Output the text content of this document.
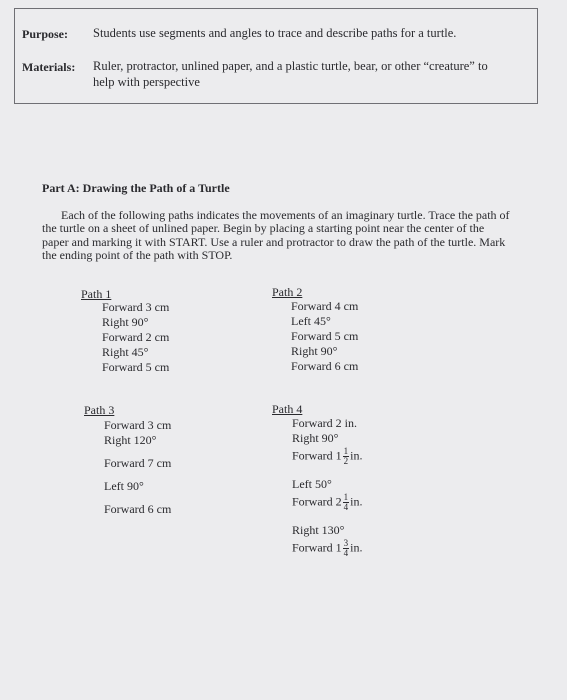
Purpose: Students use segments and angles to trace and describe paths for a turtle.
Materials: Ruler, protractor, unlined paper, and a plastic turtle, bear, or other “creature” to
help with perspective
Part A: Drawing the Path of a Turtle
Each of the following paths indicates the movements of an imaginary turtle. Trace the path of the turtle on a sheet of unlined paper. Begin by placing a starting point near the center of the paper and marking it with START. Use a ruler and protractor to draw the path of the turtle. Mark the ending point of the path with STOP.
Path 1
Forward 3 cm
Right 90°
Forward 2 cm
Right 45°
Forward 5 cm
Path 2
Forward 4 cm
Left 45°
Forward 5 cm
Right 90°
Forward 6 cm
Path 3
Forward 3 cm
Right 120°
Forward 7 cm
Left 90°
Forward 6 cm
Path 4
Forward 2 in.
Right 90°
Forward $1 \frac{1}{2}$ in.
Left 50°
Forward $2 \frac{1}{4}$ in.
Right 130°
Forward $1 \frac{3}{4}$ in.
